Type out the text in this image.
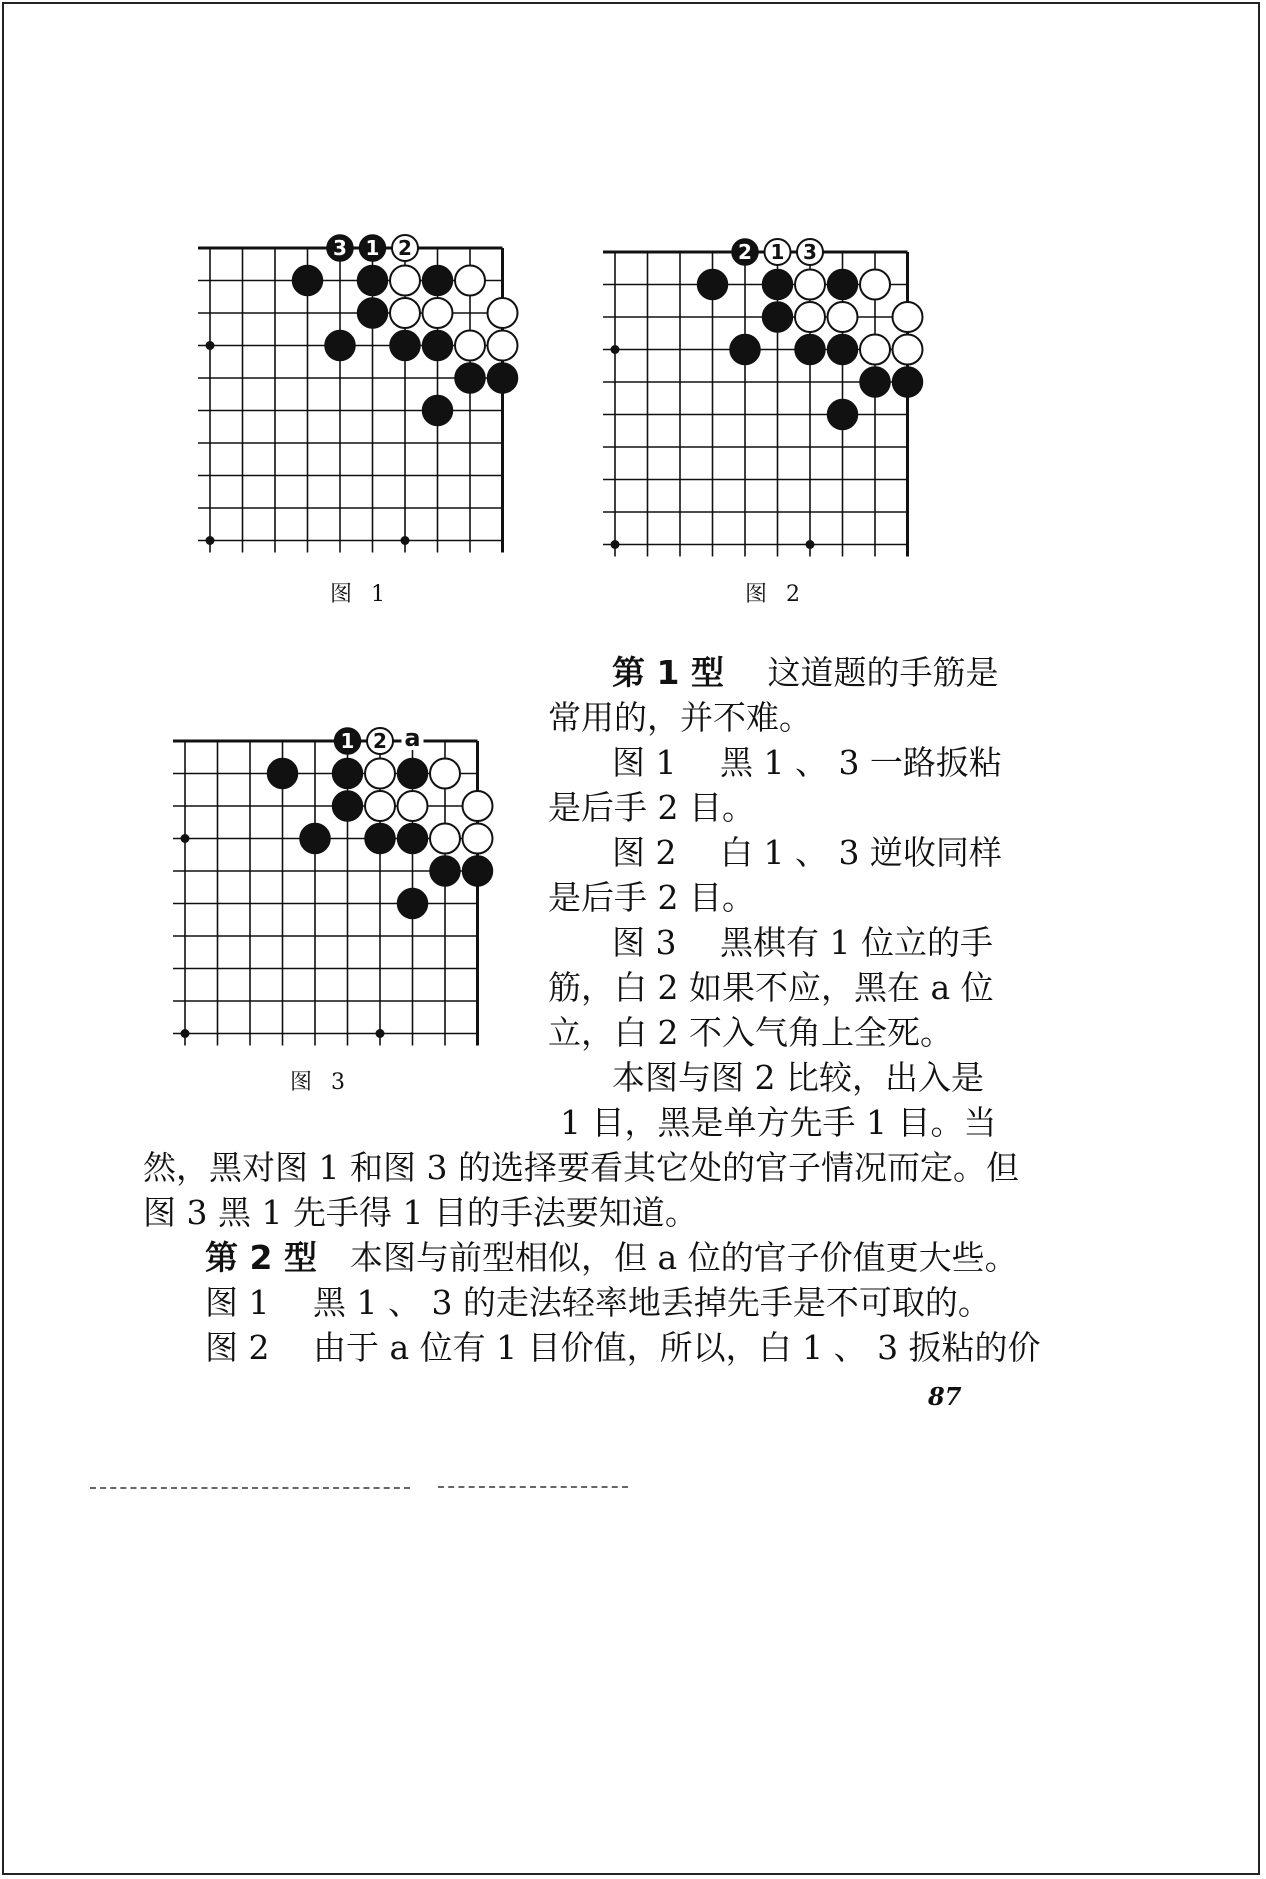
3 1 2
图 1
2 1 3
图 2
1 2 a
图 3

第 1 型　 这道题的手筋是

常用的，并不难。

图 1　 黑 1 、 3 一路扳粘

是后手 2 目。

图 2　 白 1 、 3 逆收同样

是后手 2 目。

图 3 　黑棋有 1 位立的手

筋，白 2 如果不应，黑在 a 位

立，白 2 不入气角上全死。

本图与图 2 比较，出入是

1 目，黑是单方先手 1 目。当

然，黑对图 1 和图 3 的选择要看其它处的官子情况而定。但

图 3 黑 1 先手得 1 目的手法要知道。

第 2 型　 本图与前型相似，但 a 位的官子价值更大些。

图 1　 黑 1 、 3 的走法轻率地丢掉先手是不可取的。

图 2　 由于 a 位有 1 目价值，所以，白 1 、 3 扳粘的价

87
